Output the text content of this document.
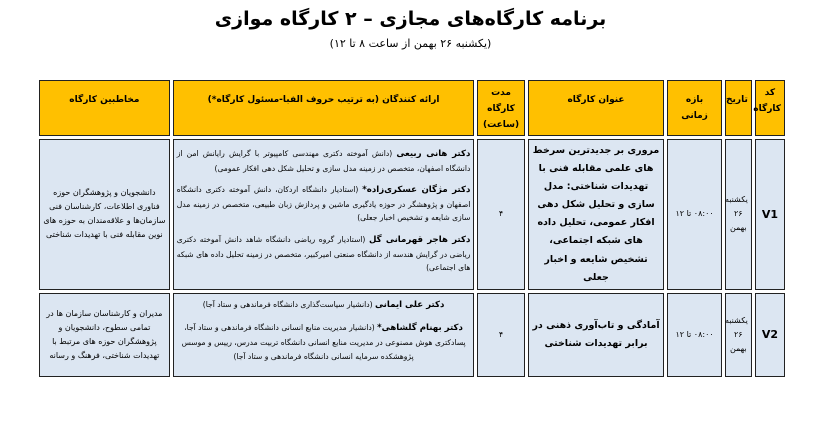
برنامه کارگاه‌های مجازی – ۲ کارگاه موازی
(یکشنبه ۲۶ بهمن از ساعت ۸ تا ۱۲)
کد کارگاه	تاریخ	بازه زمانی	عنوان کارگاه	مدت کارگاه (ساعت)	ارائه کنندگان (به ترتیب حروف الفبا-مسئول کارگاه*)	مخاطبین کارگاه
V1	یکشنبه ۲۶ بهمن	۰۸:۰۰ تا ۱۲	مروری بر جدیدترین سرخط های علمی مقابله فنی با تهدیدات شناختی: مدل سازی و تحلیل شکل دهی افکار عمومی، تحلیل داده های شبکه اجتماعی، تشخیص شایعه و اخبار جعلی	۴	دکتر هانی ربیعی (دانش آموخته دکتری مهندسی کامپیوتر با گرایش رایانش امن از دانشگاه اصفهان، متخصص در زمینه مدل سازی و تحلیل شکل دهی افکار عمومی)

دکتر مژگان عسکری‌زاده* (استادیار دانشگاه اردکان، دانش آموخته دکتری دانشگاه اصفهان و پژوهشگر در حوزه یادگیری ماشین و پردازش زبان طبیعی، متخصص در زمینه مدل سازی شایعه و تشخیص اخبار جعلی)

دکتر هاجر قهرمانی گل (استادیار گروه ریاضی دانشگاه شاهد دانش آموخته دکتری ریاضی در گرایش هندسه از دانشگاه صنعتی امیرکبیر، متخصص در زمینه تحلیل داده های شبکه های اجتماعی)	دانشجویان و پژوهشگران حوزه فناوری اطلاعات، کارشناسان فنی سازمان‌ها و علاقه‌مندان به حوزه های نوین مقابله فنی با تهدیدات شناختی
V2	یکشنبه ۲۶ بهمن	۰۸:۰۰ تا ۱۲	آمادگی و تاب‌آوری ذهنی در برابر تهدیدات شناختی	۴	دکتر علی ایمانی (دانشیار سیاست‌گذاری دانشگاه فرماندهی و ستاد آجا)

دکتر بهنام گلشاهی* (دانشیار مدیریت منابع انسانی دانشگاه فرماندهی و ستاد آجا، پسادکتری هوش مصنوعی در مدیریت منابع انسانی دانشگاه تربیت مدرس، رییس و موسس پژوهشکده سرمایه انسانی دانشگاه فرماندهی و ستاد آجا)	مدیران و کارشناسان سازمان ها در تمامی سطوح، دانشجویان و پژوهشگران حوزه های مرتبط با تهدیدات شناختی، فرهنگ و رسانه
